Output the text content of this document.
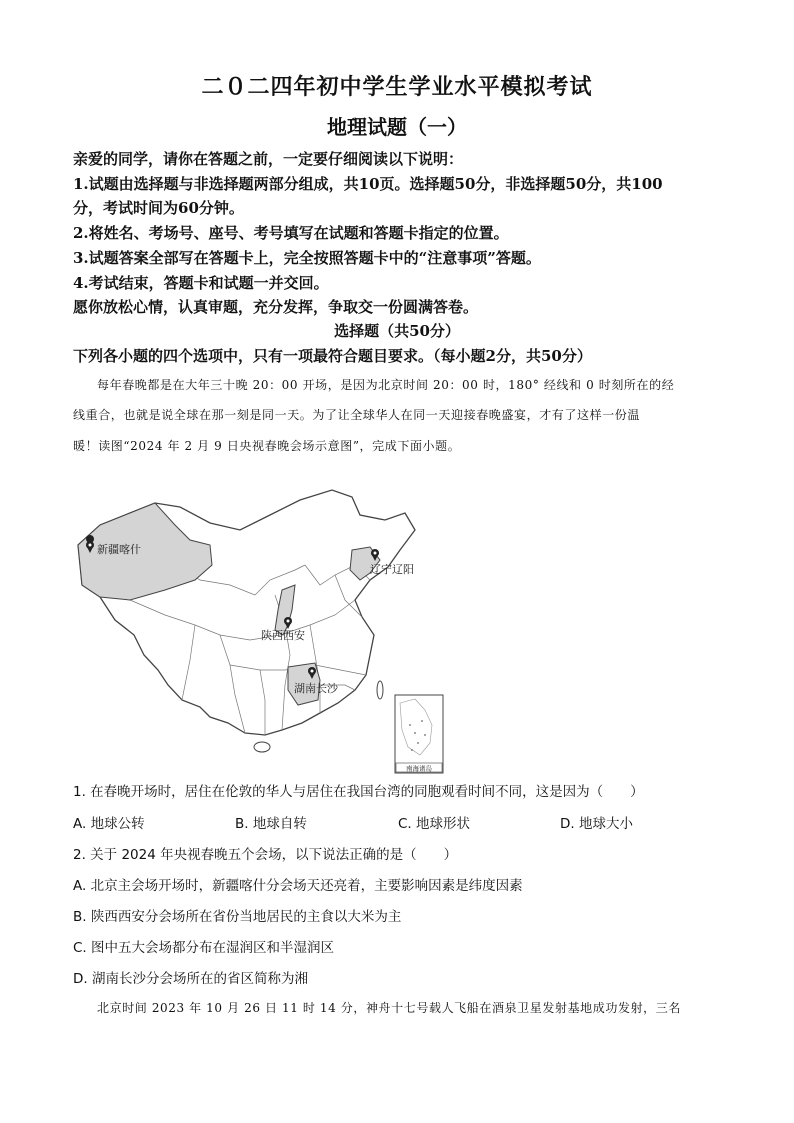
二０二四年初中学生学业水平模拟考试
地理试题（一）
亲爱的同学，请你在答题之前，一定要仔细阅读以下说明：
1.试题由选择题与非选择题两部分组成，共10页。选择题50分，非选择题50分，共100
分，考试时间为60分钟。
2.将姓名、考场号、座号、考号填写在试题和答题卡指定的位置。
3.试题答案全部写在答题卡上，完全按照答题卡中的“注意事项”答题。
4.考试结束，答题卡和试题一并交回。
愿你放松心情，认真审题，充分发挥，争取交一份圆满答卷。
选择题（共50分）
下列各小题的四个选项中，只有一项最符合题目要求。（每小题2分，共50分）
每年春晚都是在大年三十晚 20：00 开场，是因为北京时间 20：00 时，180° 经线和 0 时刻所在的经
线重合，也就是说全球在那一刻是同一天。为了让全球华人在同一天迎接春晚盛宴，才有了这样一份温
暖！读图“2024 年 2 月 9 日央视春晚会场示意图”，完成下面小题。
新疆喀什
辽宁辽阳
陕西西安
湖南长沙
南海诸岛
1. 在春晚开场时，居住在伦敦的华人与居住在我国台湾的同胞观看时间不同，这是因为（　　）
A. 地球公转	B. 地球自转	C. 地球形状	D. 地球大小
2. 关于 2024 年央视春晚五个会场，以下说法正确的是（　　）
A. 北京主会场开场时，新疆喀什分会场天还亮着，主要影响因素是纬度因素
B. 陕西西安分会场所在省份当地居民的主食以大米为主
C. 图中五大会场都分布在湿润区和半湿润区
D. 湖南长沙分会场所在的省区简称为湘
北京时间 2023 年 10 月 26 日 11 时 14 分，神舟十七号载人飞船在酒泉卫星发射基地成功发射，三名
